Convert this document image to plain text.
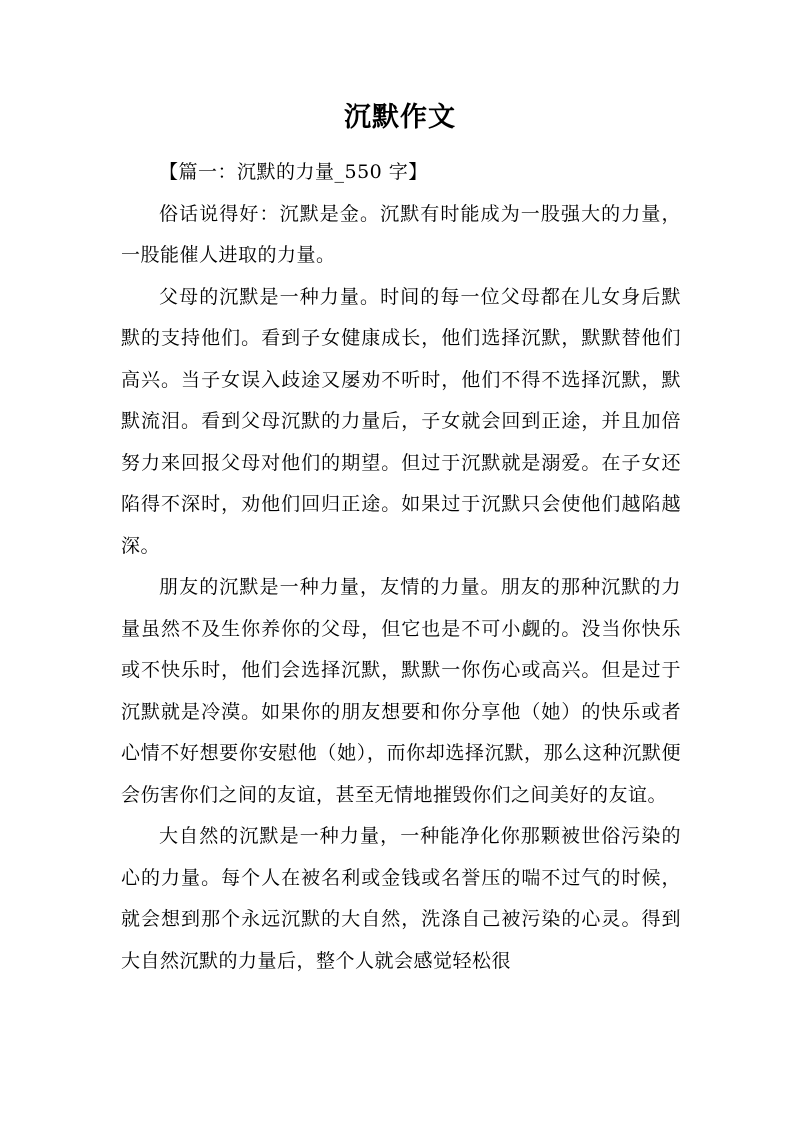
沉默作文

【篇一：沉默的力量_550 字】

俗话说得好：沉默是金。沉默有时能成为一股强大的力量，一股能催人进取的力量。

父母的沉默是一种力量。时间的每一位父母都在儿女身后默默的支持他们。看到子女健康成长，他们选择沉默，默默替他们高兴。当子女误入歧途又屡劝不听时，他们不得不选择沉默，默默流泪。看到父母沉默的力量后，子女就会回到正途，并且加倍努力来回报父母对他们的期望。但过于沉默就是溺爱。在子女还陷得不深时，劝他们回归正途。如果过于沉默只会使他们越陷越深。

朋友的沉默是一种力量，友情的力量。朋友的那种沉默的力量虽然不及生你养你的父母，但它也是不可小觑的。没当你快乐或不快乐时，他们会选择沉默，默默一你伤心或高兴。但是过于沉默就是冷漠。如果你的朋友想要和你分享他（她）的快乐或者心情不好想要你安慰他（她），而你却选择沉默，那么这种沉默便会伤害你们之间的友谊，甚至无情地摧毁你们之间美好的友谊。

大自然的沉默是一种力量，一种能净化你那颗被世俗污染的心的力量。每个人在被名利或金钱或名誉压的喘不过气的时候，就会想到那个永远沉默的大自然，洗涤自己被污染的心灵。得到大自然沉默的力量后，整个人就会感觉轻松很
